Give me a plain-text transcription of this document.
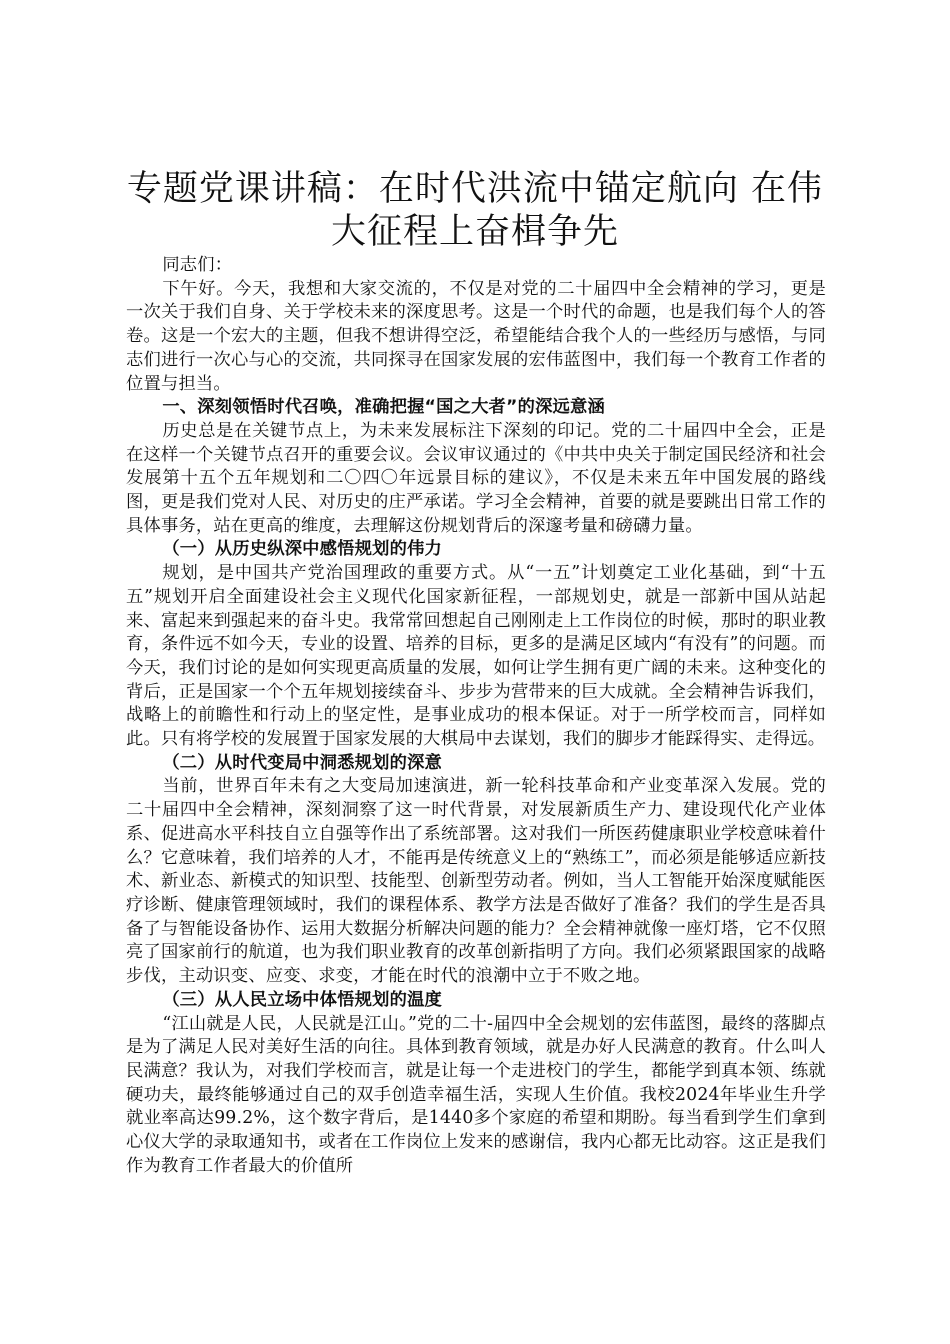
专题党课讲稿：在时代洪流中锚定航向 在伟大征程上奋楫争先

同志们：

下午好。今天，我想和大家交流的，不仅是对党的二十届四中全会精神的学习，更是一次关于我们自身、关于学校未来的深度思考。这是一个时代的命题，也是我们每个人的答卷。这是一个宏大的主题，但我不想讲得空泛，希望能结合我个人的一些经历与感悟，与同志们进行一次心与心的交流，共同探寻在国家发展的宏伟蓝图中，我们每一个教育工作者的位置与担当。

一、深刻领悟时代召唤，准确把握“国之大者”的深远意涵

历史总是在关键节点上，为未来发展标注下深刻的印记。党的二十届四中全会，正是在这样一个关键节点召开的重要会议。会议审议通过的《中共中央关于制定国民经济和社会发展第十五个五年规划和二〇四〇年远景目标的建议》，不仅是未来五年中国发展的路线图，更是我们党对人民、对历史的庄严承诺。学习全会精神，首要的就是要跳出日常工作的具体事务，站在更高的维度，去理解这份规划背后的深邃考量和磅礴力量。

（一）从历史纵深中感悟规划的伟力

规划，是中国共产党治国理政的重要方式。从“一五”计划奠定工业化基础，到“十五五”规划开启全面建设社会主义现代化国家新征程，一部规划史，就是一部新中国从站起来、富起来到强起来的奋斗史。我常常回想起自己刚刚走上工作岗位的时候，那时的职业教育，条件远不如今天，专业的设置、培养的目标，更多的是满足区域内“有没有”的问题。而今天，我们讨论的是如何实现更高质量的发展，如何让学生拥有更广阔的未来。这种变化的背后，正是国家一个个五年规划接续奋斗、步步为营带来的巨大成就。全会精神告诉我们，战略上的前瞻性和行动上的坚定性，是事业成功的根本保证。对于一所学校而言，同样如此。只有将学校的发展置于国家发展的大棋局中去谋划，我们的脚步才能踩得实、走得远。

（二）从时代变局中洞悉规划的深意

当前，世界百年未有之大变局加速演进，新一轮科技革命和产业变革深入发展。党的二十届四中全会精神，深刻洞察了这一时代背景，对发展新质生产力、建设现代化产业体系、促进高水平科技自立自强等作出了系统部署。这对我们一所医药健康职业学校意味着什么？它意味着，我们培养的人才，不能再是传统意义上的“熟练工”，而必须是能够适应新技术、新业态、新模式的知识型、技能型、创新型劳动者。例如，当人工智能开始深度赋能医疗诊断、健康管理领域时，我们的课程体系、教学方法是否做好了准备？我们的学生是否具备了与智能设备协作、运用大数据分析解决问题的能力？全会精神就像一座灯塔，它不仅照亮了国家前行的航道，也为我们职业教育的改革创新指明了方向。我们必须紧跟国家的战略步伐，主动识变、应变、求变，才能在时代的浪潮中立于不败之地。

（三）从人民立场中体悟规划的温度

“江山就是人民，人民就是江山。”党的二十-届四中全会规划的宏伟蓝图，最终的落脚点是为了满足人民对美好生活的向往。具体到教育领域，就是办好人民满意的教育。什么叫人民满意？我认为，对我们学校而言，就是让每一个走进校门的学生，都能学到真本领、练就硬功夫，最终能够通过自己的双手创造幸福生活，实现人生价值。我校2024年毕业生升学就业率高达99.2%，这个数字背后，是1440多个家庭的希望和期盼。每当看到学生们拿到心仪大学的录取通知书，或者在工作岗位上发来的感谢信，我内心都无比动容。这正是我们作为教育工作者最大的价值所
